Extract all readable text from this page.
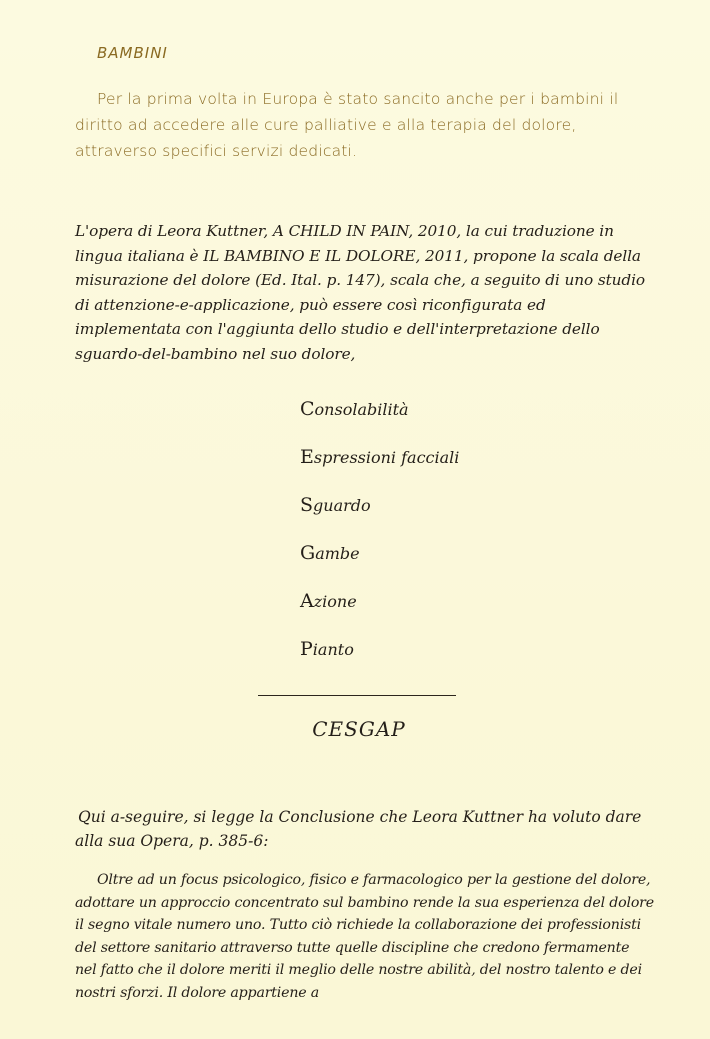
BAMBINI
Per la prima volta in Europa è stato sancito anche per i bambini il diritto ad accedere alle cure palliative e alla terapia del dolore, attraverso specifici servizi dedicati.
L'opera di Leora Kuttner, A CHILD IN PAIN, 2010, la cui traduzione in lingua italiana è IL BAMBINO E IL DOLORE, 2011, propone la scala della misurazione del dolore (Ed. Ital. p. 147), scala che, a seguito di uno studio di attenzione-e-applicazione, può essere così riconfigurata ed implementata con l'aggiunta dello studio e dell'interpretazione dello sguardo-del-bambino nel suo dolore,
Consolabilità
Espressioni facciali
Sguardo
Gambe
Azione
Pianto
CESGAP
Qui a-seguire, si legge la Conclusione che Leora Kuttner ha voluto dare alla sua Opera, p. 385-6:
Oltre ad un focus psicologico, fisico e farmacologico per la gestione del dolore, adottare un approccio concentrato sul bambino rende la sua esperienza del dolore il segno vitale numero uno. Tutto ciò richiede la collaborazione dei professionisti del settore sanitario attraverso tutte quelle discipline che credono fermamente nel fatto che il dolore meriti il meglio delle nostre abilità, del nostro talento e dei nostri sforzi. Il dolore appartiene a
